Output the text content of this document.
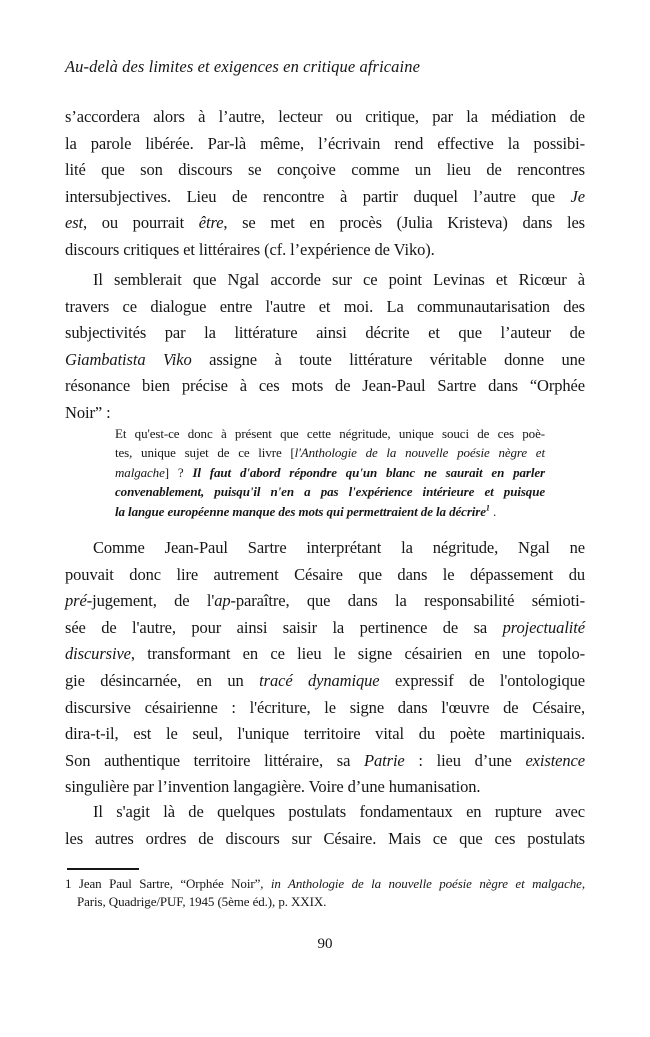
Au-delà des limites et exigences en critique africaine
s’accordera alors à l’autre, lecteur ou critique, par la médiation de
la parole libérée. Par-là même, l’écrivain rend effective la possibi-
lité que son discours se conçoive comme un lieu de rencontres
intersubjectives. Lieu de rencontre à partir duquel l’autre que Je
est, ou pourrait être, se met en procès (Julia Kristeva) dans les
discours critiques et littéraires (cf. l’expérience de Viko).
Il semblerait que Ngal accorde sur ce point Levinas et Ricœur à
travers ce dialogue entre l'autre et moi. La communautarisation des
subjectivités par la littérature ainsi décrite et que l’auteur de
Giambatista Viko assigne à toute littérature véritable donne une
résonance bien précise à ces mots de Jean-Paul Sartre dans “Orphée
Noir” :
Et qu'est-ce donc à présent que cette négritude, unique souci de ces poè-
tes, unique sujet de ce livre [l'Anthologie de la nouvelle poésie nègre et
malgache] ? Il faut d'abord répondre qu'un blanc ne saurait en parler
convenablement, puisqu'il n'en a pas l'expérience intérieure et puisque
la langue européenne manque des mots qui permettraient de la décrire$^1$ .
Comme Jean-Paul Sartre interprétant la négritude, Ngal ne
pouvait donc lire autrement Césaire que dans le dépassement du
pré-jugement, de l'ap-paraître, que dans la responsabilité sémioti-
sée de l'autre, pour ainsi saisir la pertinence de sa projectualité
discursive, transformant en ce lieu le signe césairien en une topolo-
gie désincarnée, en un tracé dynamique expressif de l'ontologique
discursive césairienne : l'écriture, le signe dans l'œuvre de Césaire,
dira-t-il, est le seul, l'unique territoire vital du poète martiniquais.
Son authentique territoire littéraire, sa Patrie : lieu d’une existence
singulière par l’invention langagière. Voire d’une humanisation.
Il s'agit là de quelques postulats fondamentaux en rupture avec
les autres ordres de discours sur Césaire. Mais ce que ces postulats
1 Jean Paul Sartre, “Orphée Noir”, in Anthologie de la nouvelle poésie nègre et malgache,
Paris, Quadrige/PUF, 1945 (5ème éd.), p. XXIX.
90
